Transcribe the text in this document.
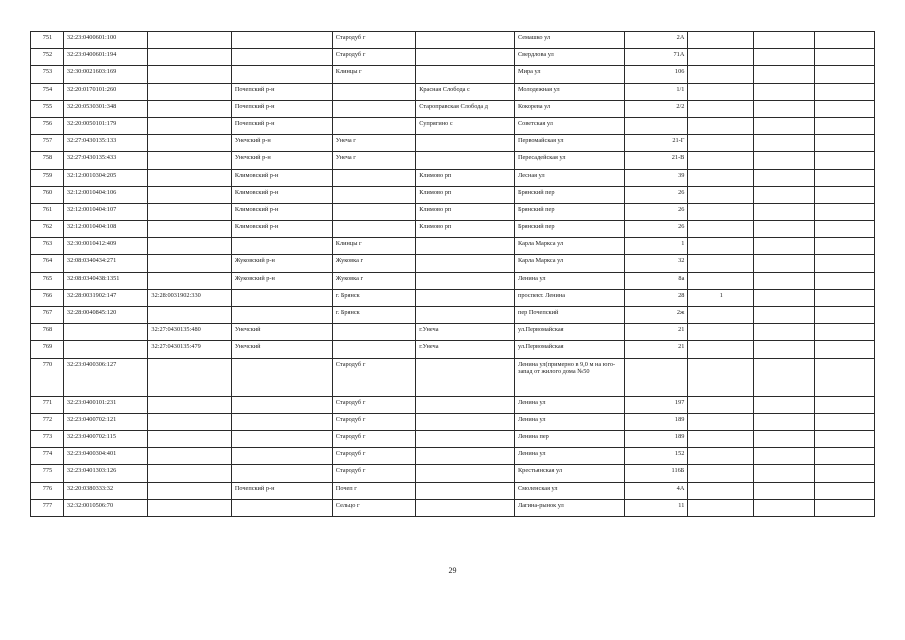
751	32:23:0400601:100			Стародуб г		Семашко ул	2А			
752	32:23:0400601:194			Стародуб г		Свердлова ул	71А			
753	32:30:0021603:169			Клинцы г		Мира ул	106			
754	32:20:0170101:260		Почепский р-н		Красная Слобода с	Молодежная ул	1/1			
755	32:20:0530301:348		Почепский р-н		Староправская Слобода д	Кокорева ул	2/2			
756	32:20:0050101:179		Почепский р-н		Супрягино с	Советская ул				
757	32:27:0430135:133		Унечский р-н	Унеча г		Первомайская ул	21-Г			
758	32:27:0430135:433		Унечский р-н	Унеча г		Пересадейская ул	21-В			
759	32:12:0010304:205		Климовский р-н		Климово рп	Лесная ул	39			
760	32:12:0010404:106		Климовский р-н		Климово рп	Брянский пер	26			
761	32:12:0010404:107		Климовский р-н		Климово рп	Брянский пер	26			
762	32:12:0010404:108		Климовский р-н		Климово рп	Брянский пер	26			
763	32:30:0010412:409			Клинцы г		Карла Маркса ул	1			
764	32:08:0340434:271		Жуковский р-н	Жуковка г		Карла Маркса ул	32			
765	32:08:0340438:1351		Жуковский р-н	Жуковка г		Ленина ул	8а			
766	32:28:0031902:147	32:28:0031902:330		г. Брянск		проспект. Ленина	28	1		
767	32:28:0040845:120			г. Брянск		пер Почепский	2ж			
768		32:27:0430135:480	Унечский		г.Унеча	ул.Первомайская	21			
769		32:27:0430135:479	Унечский		г.Унеча	ул.Первомайская	21			
770	32:23:0400306:127			Стародуб г		Ленина ул(примерно в 9,0 м на юго-запад от жилого дома №50				
771	32:23:0400101:231			Стародуб г		Ленина ул	197			
772	32:23:0400702:121			Стародуб г		Ленина ул	189			
773	32:23:0400702:115			Стародуб г		Ленина пер	189			
774	32:23:0400304:401			Стародуб г		Ленина ул	152			
775	32:23:0401303:126			Стародуб г		Крестьянская ул	116Б			
776	32:20:0380333:32		Почепский р-н	Почеп г		Смоленская ул	4А			
777	32:32:0010506:70			Сельцо г		Лагина-рынок ул	11			
29
